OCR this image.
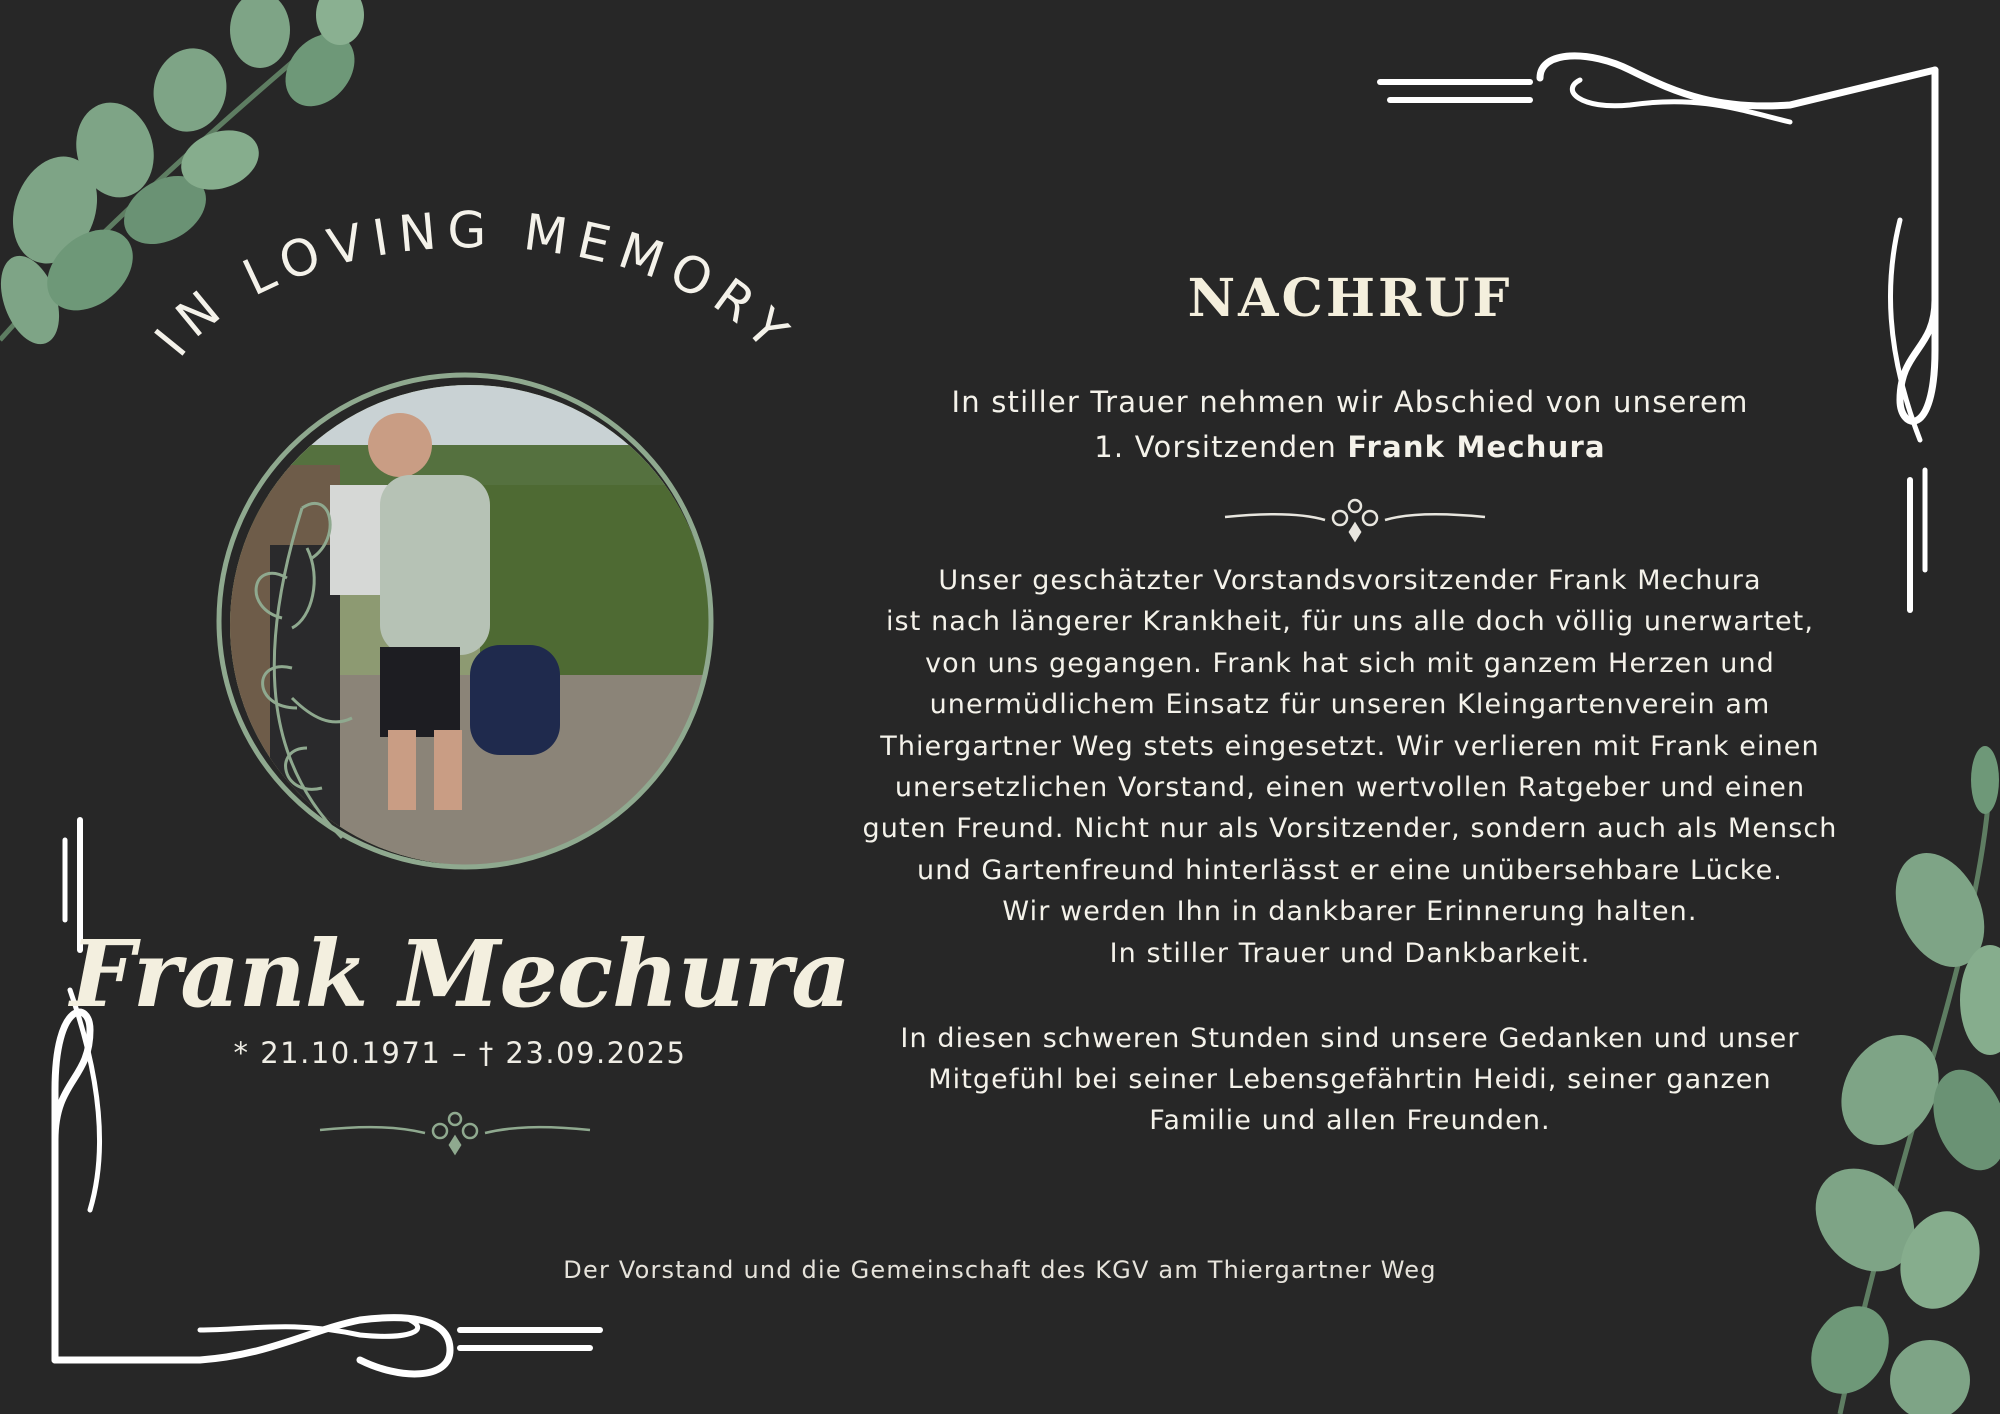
IN LOVING MEMORY
Frank Mechura
* 21.10.1971 – † 23.09.2025
NACHRUF
In stiller Trauer nehmen wir Abschied von unserem
1. Vorsitzenden Frank Mechura

Unser geschätzter Vorstandsvorsitzender Frank Mechura

ist nach längerer Krankheit, für uns alle doch völlig unerwartet,

von uns gegangen. Frank hat sich mit ganzem Herzen und

unermüdlichem Einsatz für unseren Kleingartenverein am

Thiergartner Weg stets eingesetzt. Wir verlieren mit Frank einen

unersetzlichen Vorstand, einen wertvollen Ratgeber und einen

guten Freund. Nicht nur als Vorsitzender, sondern auch als Mensch

und Gartenfreund hinterlässt er eine unübersehbare Lücke.

Wir werden Ihn in dankbarer Erinnerung halten.

In stiller Trauer und Dankbarkeit.

In diesen schweren Stunden sind unsere Gedanken und unser
Mitgefühl bei seiner Lebensgefährtin Heidi, seiner ganzen
Familie und allen Freunden.
Der Vorstand und die Gemeinschaft des KGV am Thiergartner Weg
